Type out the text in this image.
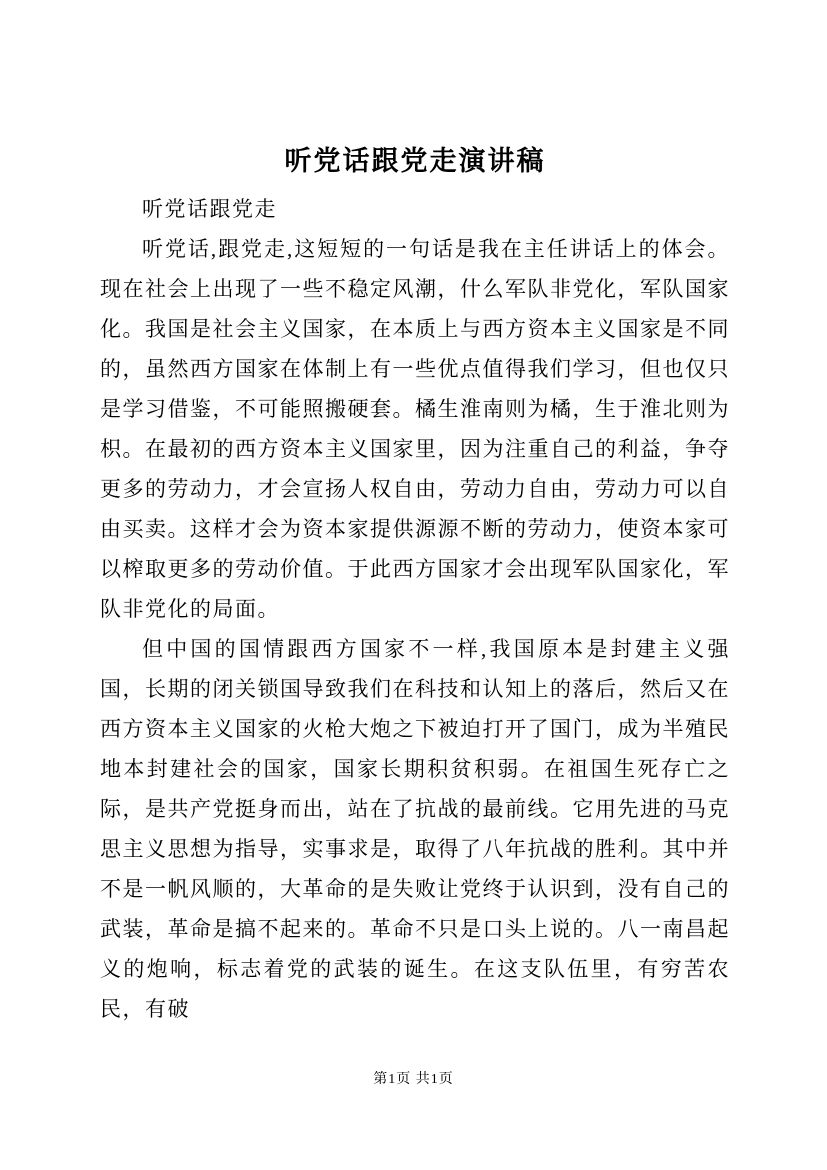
听党话跟党走演讲稿

听党话跟党走

听党话,跟党走,这短短的一句话是我在主任讲话上的体会。现在社会上出现了一些不稳定风潮，什么军队非党化，军队国家化。我国是社会主义国家，在本质上与西方资本主义国家是不同的，虽然西方国家在体制上有一些优点值得我们学习，但也仅只是学习借鉴，不可能照搬硬套。橘生淮南则为橘，生于淮北则为枳。在最初的西方资本主义国家里，因为注重自己的利益，争夺更多的劳动力，才会宣扬人权自由，劳动力自由，劳动力可以自由买卖。这样才会为资本家提供源源不断的劳动力，使资本家可以榨取更多的劳动价值。于此西方国家才会出现军队国家化，军队非党化的局面。

但中国的国情跟西方国家不一样,我国原本是封建主义强国，长期的闭关锁国导致我们在科技和认知上的落后，然后又在西方资本主义国家的火枪大炮之下被迫打开了国门，成为半殖民地本封建社会的国家，国家长期积贫积弱。在祖国生死存亡之际，是共产党挺身而出，站在了抗战的最前线。它用先进的马克思主义思想为指导，实事求是，取得了八年抗战的胜利。其中并不是一帆风顺的，大革命的是失败让党终于认识到，没有自己的武装，革命是搞不起来的。革命不只是口头上说的。八一南昌起义的炮响，标志着党的武装的诞生。在这支队伍里，有穷苦农民，有破

第1页 共1页
